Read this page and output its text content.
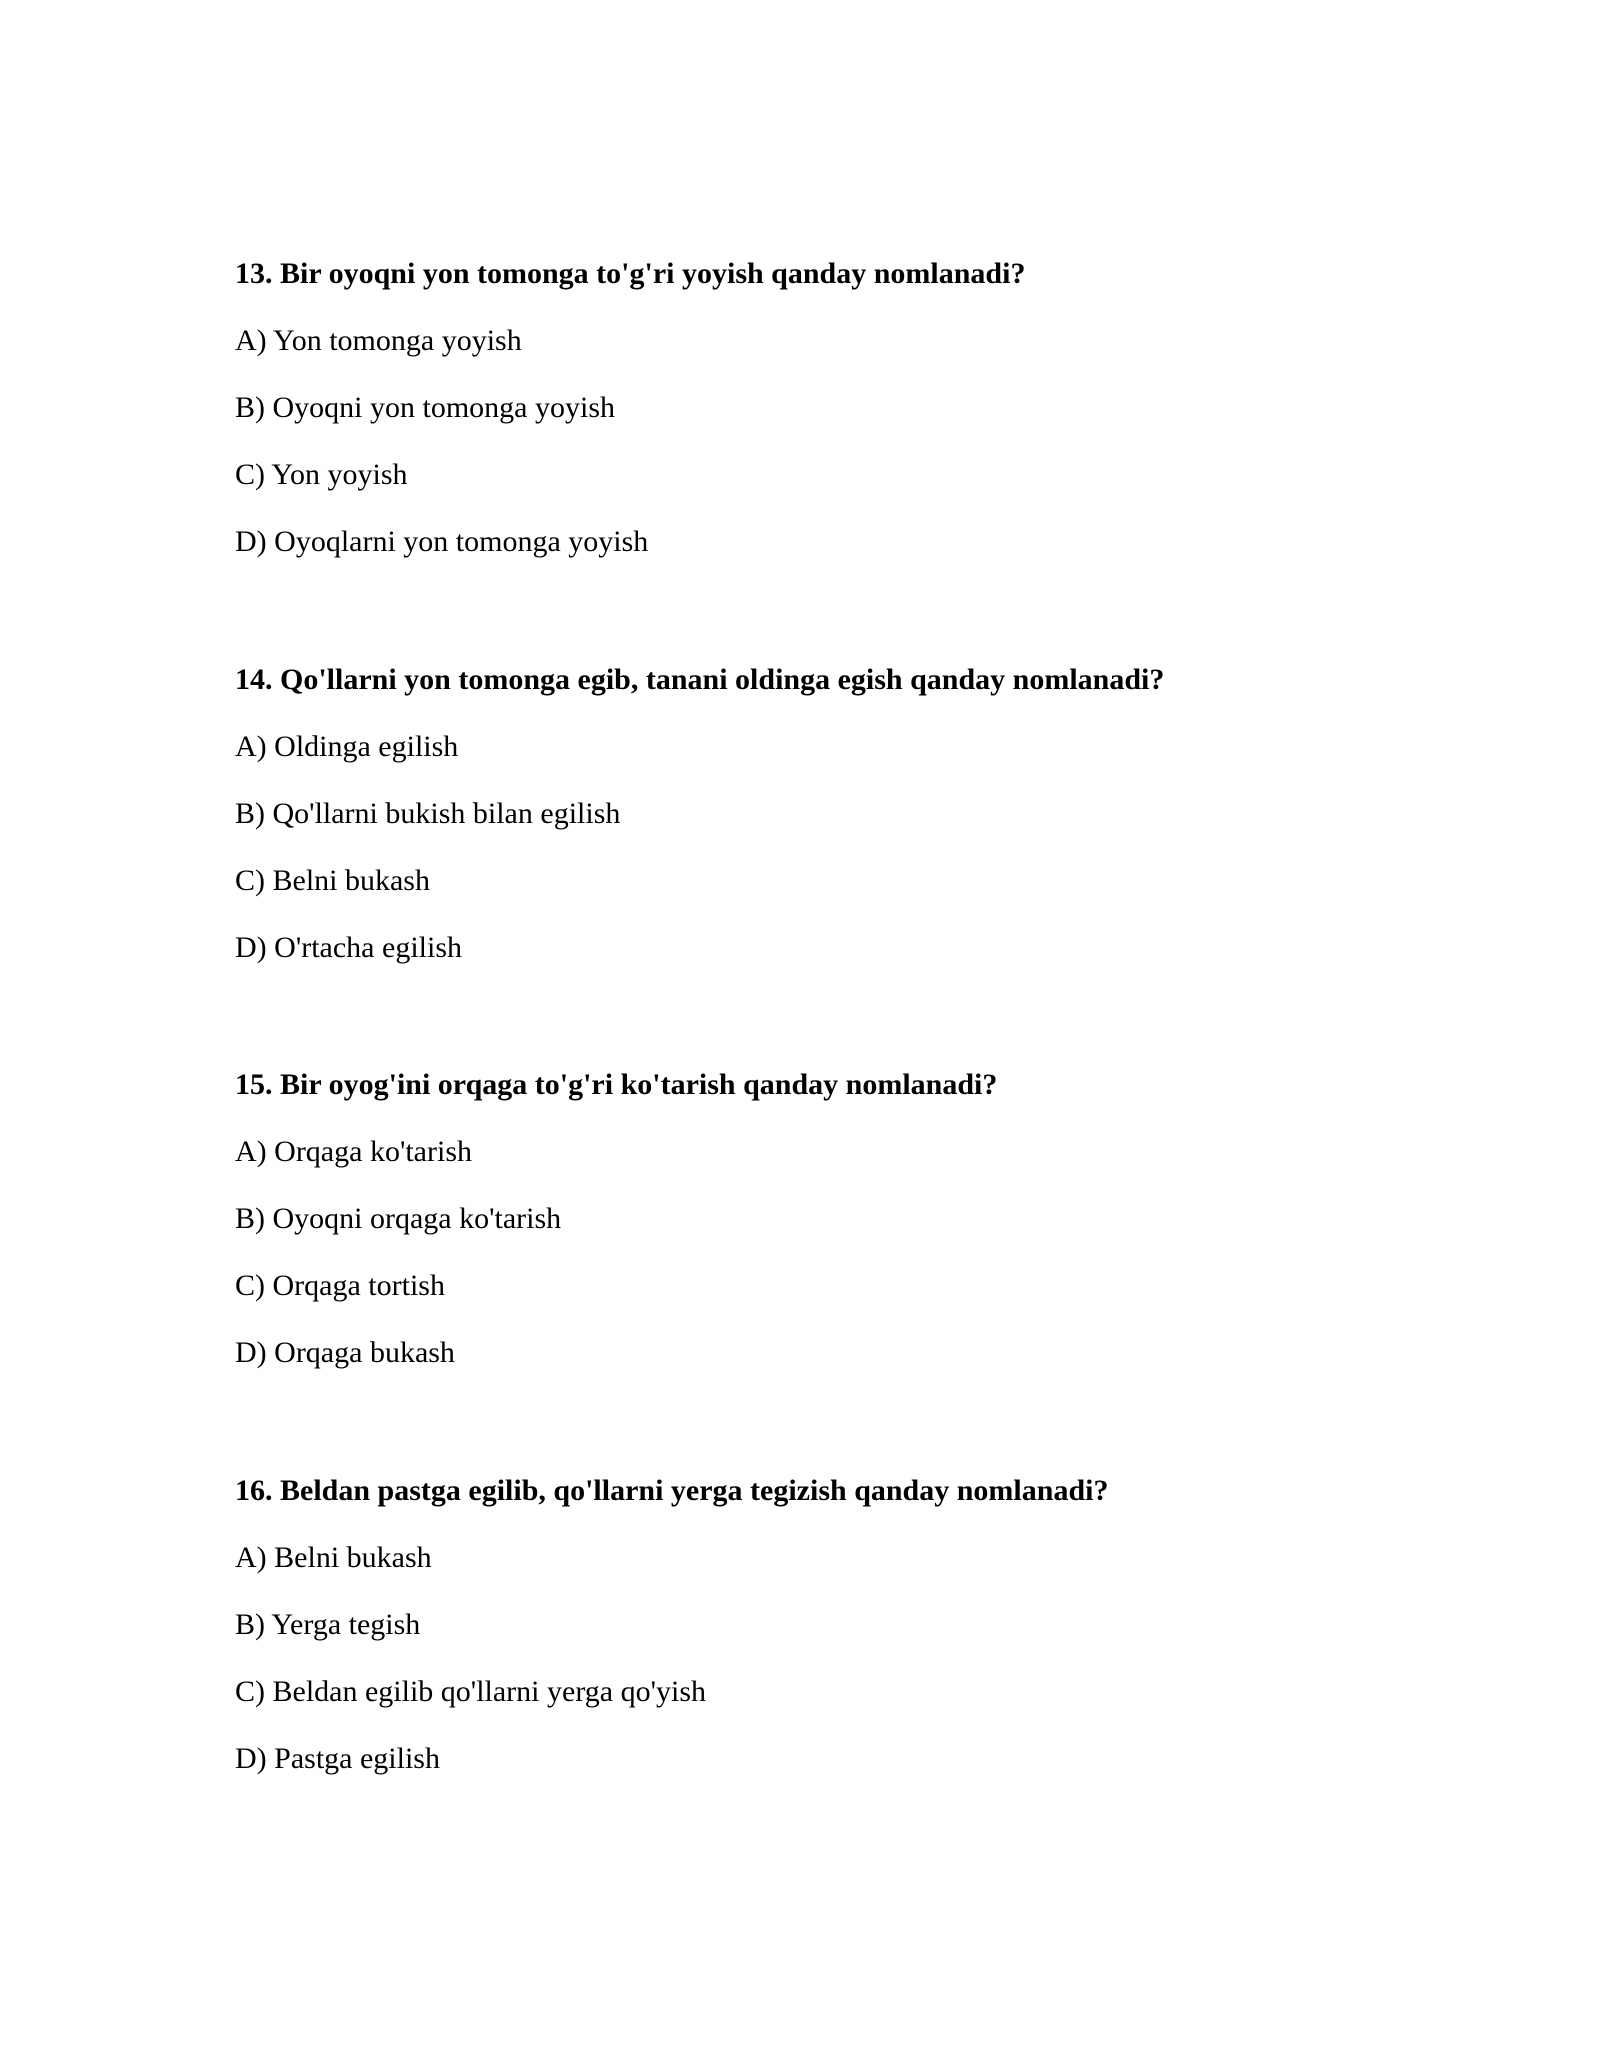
13. Bir oyoqni yon tomonga to'g'ri yoyish qanday nomlanadi?

A) Yon tomonga yoyish

B) Oyoqni yon tomonga yoyish

C) Yon yoyish

D) Oyoqlarni yon tomonga yoyish

14. Qo'llarni yon tomonga egib, tanani oldinga egish qanday nomlanadi?

A) Oldinga egilish

B) Qo'llarni bukish bilan egilish

C) Belni bukash

D) O'rtacha egilish

15. Bir oyog'ini orqaga to'g'ri ko'tarish qanday nomlanadi?

A) Orqaga ko'tarish

B) Oyoqni orqaga ko'tarish

C) Orqaga tortish

D) Orqaga bukash

16. Beldan pastga egilib, qo'llarni yerga tegizish qanday nomlanadi?

A) Belni bukash

B) Yerga tegish

C) Beldan egilib qo'llarni yerga qo'yish

D) Pastga egilish
